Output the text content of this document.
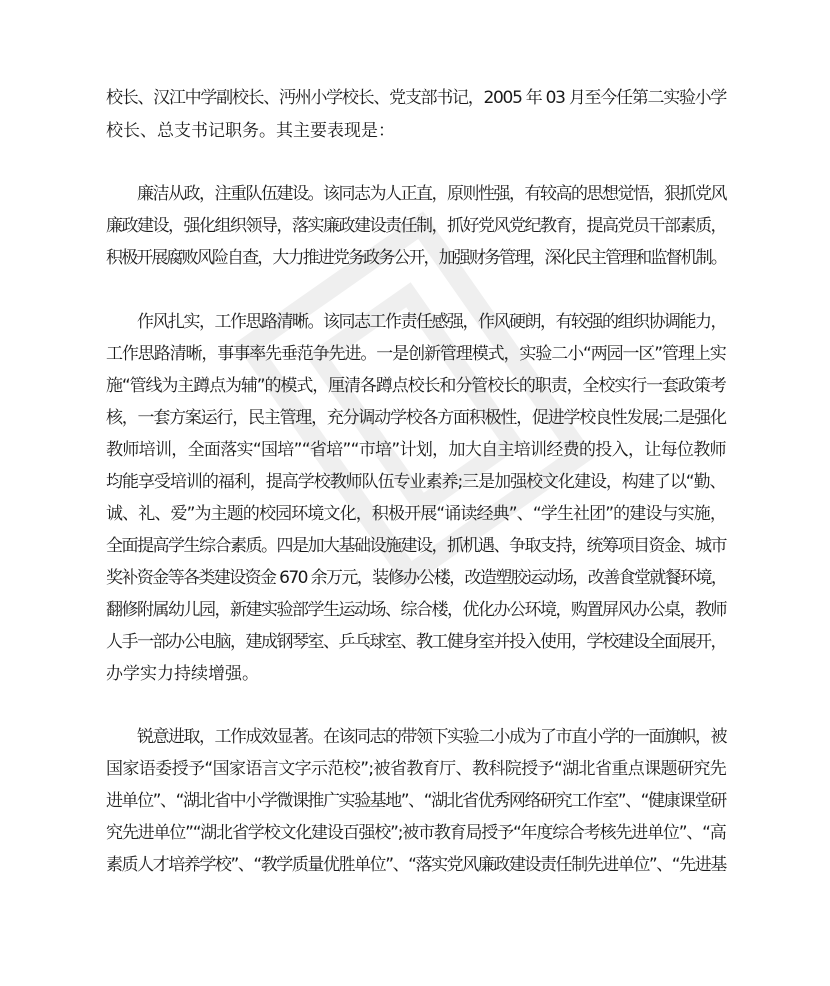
校长、汉江中学副校长、沔州小学校长、党支部书记，2005 年 03 月至今任第二实验小学
校长、总支书记职务。其主要表现是：
廉洁从政，注重队伍建设。该同志为人正直，原则性强，有较高的思想觉悟，狠抓党风
廉政建设，强化组织领导，落实廉政建设责任制，抓好党风党纪教育，提高党员干部素质，
积极开展腐败风险自查，大力推进党务政务公开，加强财务管理，深化民主管理和监督机制。
作风扎实，工作思路清晰。该同志工作责任感强，作风硬朗，有较强的组织协调能力，
工作思路清晰，事事率先垂范争先进。一是创新管理模式，实验二小“两园一区”管理上实
施“管线为主蹲点为辅”的模式，厘清各蹲点校长和分管校长的职责，全校实行一套政策考
核，一套方案运行，民主管理，充分调动学校各方面积极性，促进学校良性发展;二是强化
教师培训，全面落实“国培”“省培”“市培”计划，加大自主培训经费的投入，让每位教师
均能享受培训的福利，提高学校教师队伍专业素养;三是加强校文化建设，构建了以“勤、
诚、礼、爱”为主题的校园环境文化，积极开展“诵读经典”、“学生社团”的建设与实施，
全面提高学生综合素质。四是加大基础设施建设，抓机遇、争取支持，统筹项目资金、城市
奖补资金等各类建设资金 670 余万元，装修办公楼，改造塑胶运动场，改善食堂就餐环境，
翻修附属幼儿园，新建实验部学生运动场、综合楼，优化办公环境，购置屏风办公桌，教师
人手一部办公电脑，建成钢琴室、乒乓球室、教工健身室并投入使用，学校建设全面展开，
办学实力持续增强。
锐意进取，工作成效显著。在该同志的带领下实验二小成为了市直小学的一面旗帜，被
国家语委授予“国家语言文字示范校”;被省教育厅、教科院授予“湖北省重点课题研究先
进单位”、“湖北省中小学微课推广实验基地”、“湖北省优秀网络研究工作室”、“健康课堂研
究先进单位”“湖北省学校文化建设百强校”;被市教育局授予“年度综合考核先进单位”、“高
素质人才培养学校”、“教学质量优胜单位”、“落实党风廉政建设责任制先进单位”、“先进基
